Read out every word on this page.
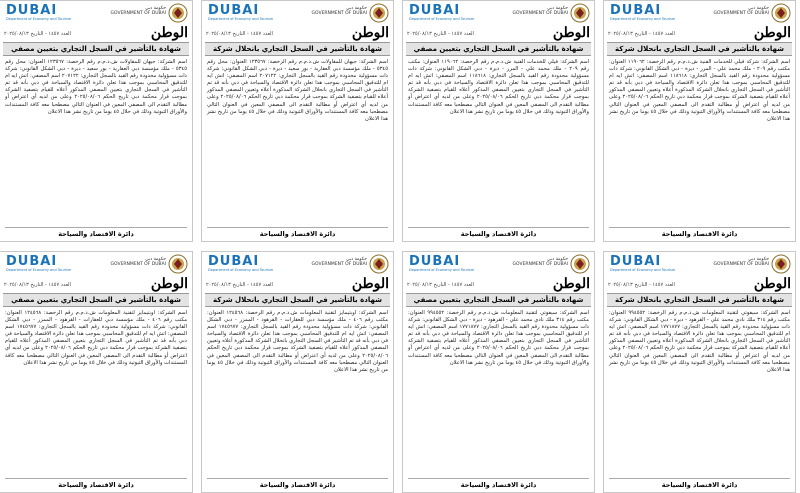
DUBAI
Department of Economy and Tourism
حكومة دبي
GOVERNMENT OF DUBAI
الوطن
العدد ١٤٥٧ - التاريخ ٢٠٢٥/٠٨/١٣
شهادة بالتأشير في السجل التجاري بتعيين مصفي

اسم الشركة: جيهان للمقاولات ش.ذ.م.م رقم الرخصة: ١٢٣٥٦٧ العنوان: محل رقم ٥٣٤٥ - ملك مؤسسة دبي العقارية - بور سعيد - ديرة - دبي الشكل القانوني: شركة ذات مسؤولية محدودة رقم القيد بالسجل التجاري: ٢٠٧١٢٢ اسم المصفي: اتش ايه ام للتدقيق المحاسبي بموجب هذا تعلن دائرة الاقتصاد والسياحة في دبي بأنه قد تم التأشير في السجل التجاري بتعيين المصفي المذكور أعلاه للقيام بتصفية الشركة بموجب قرار محكمة دبي تاريخ الحكم ٢٠٢٥/٠٨/٠٦ وعلى من لديه أي اعتراض أو مطالبة التقدم الى المصفي المعين في العنوان التالي مصطحبا معه كافة المستندات والأوراق الثبوتية وذلك في خلال ٤٥ يوما من تاريخ نشر هذا الاعلان

دائرة الاقتصاد والسياحة
DUBAI
Department of Economy and Tourism
حكومة دبي
GOVERNMENT OF DUBAI
الوطن
العدد ١٤٥٧ - التاريخ ٢٠٢٥/٠٨/١٣
شهادة بالتأشير في السجل التجاري بانحلال شركة

اسم الشركة: جيهان للمقاولات ش.ذ.م.م رقم الرخصة: ١٢٣٥٦٧ العنوان: محل رقم ٥٣٤٥ - ملك مؤسسة دبي العقارية - بور سعيد - ديرة - دبي الشكل القانوني: شركة ذات مسؤولية محدودة رقم القيد بالسجل التجاري: ٢٠٧١٢٢ اسم المصفي: اتش ايه ام للتدقيق المحاسبي بموجب هذا تعلن دائرة الاقتصاد والسياحة في دبي بأنه قد تم التأشير في السجل التجاري بانحلال الشركة المذكورة أعلاه وتعيين المصفي المذكور أعلاه للقيام بتصفية الشركة بموجب قرار محكمة دبي تاريخ الحكم ٢٠٢٥/٠٨/٠٦ وعلى من لديه أي اعتراض أو مطالبة التقدم الى المصفي المعين في العنوان التالي مصطحبا معه كافة المستندات والأوراق الثبوتية وذلك في خلال ٤٥ يوما من تاريخ نشر هذا الاعلان

دائرة الاقتصاد والسياحة
DUBAI
Department of Economy and Tourism
حكومة دبي
GOVERNMENT OF DUBAI
الوطن
العدد ١٤٥٧ - التاريخ ٢٠٢٥/٠٨/١٣
شهادة بالتأشير في السجل التجاري بتعيين مصفي

اسم الشركة: فيلي للخدمات الفنية ش.ذ.م.م رقم الرخصة: ١١٩٠٦٢ العنوان: مكتب رقم ٢٠٩ - ملك محمد علي - المرر - ديرة - دبي الشكل القانوني: شركة ذات مسؤولية محدودة رقم القيد بالسجل التجاري: ١١٨٦١٨ اسم المصفي: اتش ايه ام للتدقيق المحاسبي بموجب هذا تعلن دائرة الاقتصاد والسياحة في دبي بأنه قد تم التأشير في السجل التجاري بتعيين المصفي المذكور أعلاه للقيام بتصفية الشركة بموجب قرار محكمة دبي تاريخ الحكم ٢٠٢٥/٠٨/٠٦ وعلى من لديه أي اعتراض أو مطالبة التقدم الى المصفي المعين في العنوان التالي مصطحبا معه كافة المستندات والأوراق الثبوتية وذلك في خلال ٤٥ يوما من تاريخ نشر هذا الاعلان

دائرة الاقتصاد والسياحة
DUBAI
Department of Economy and Tourism
حكومة دبي
GOVERNMENT OF DUBAI
الوطن
العدد ١٤٥٧ - التاريخ ٢٠٢٥/٠٨/١٣
شهادة بالتأشير في السجل التجاري بانحلال شركة

اسم الشركة: شركة فيلي للخدمات الفنية ش.ذ.م.م رقم الرخصة: ١١٩٠٦٢ العنوان: مكتب رقم ٢٠٩ - ملك محمد علي - المرر - ديرة - دبي الشكل القانوني: شركة ذات مسؤولية محدودة رقم القيد بالسجل التجاري: ١١٨٦١٨ اسم المصفي: اتش ايه ام للتدقيق المحاسبي بموجب هذا تعلن دائرة الاقتصاد والسياحة في دبي بأنه قد تم التأشير في السجل التجاري بانحلال الشركة المذكورة أعلاه وتعيين المصفي المذكور أعلاه للقيام بتصفية الشركة بموجب قرار محكمة دبي تاريخ الحكم ٢٠٢٥/٠٨/٠٦ وعلى من لديه أي اعتراض أو مطالبة التقدم الى المصفي المعين في العنوان التالي مصطحبا معه كافة المستندات والأوراق الثبوتية وذلك في خلال ٤٥ يوما من تاريخ نشر هذا الاعلان

دائرة الاقتصاد والسياحة
DUBAI
Department of Economy and Tourism
حكومة دبي
GOVERNMENT OF DUBAI
الوطن
العدد ١٤٥٧ - التاريخ ٢٠٢٥/٠٨/١٣
شهادة بالتأشير في السجل التجاري بتعيين مصفي

اسم الشركة: اوبتيمايز لتقنية المعلومات ش.ذ.م.م رقم الرخصة: ١٢٤٥٦٨ العنوان: مكتب رقم ٤٠٦ - ملك مؤسسة دبي للعقارات - القرهود - الممزر - دبي الشكل القانوني: شركة ذات مسؤولية محدودة رقم القيد بالسجل التجاري: ١٧٤٥٦٧٧ اسم المصفي: اتش ايه ام للتدقيق المحاسبي بموجب هذا تعلن دائرة الاقتصاد والسياحة في دبي بأنه قد تم التأشير في السجل التجاري بتعيين المصفي المذكور أعلاه للقيام بتصفية الشركة بموجب قرار محكمة دبي تاريخ الحكم ٢٠٢٥/٠٨/٠٦ وعلى من لديه أي اعتراض أو مطالبة التقدم الى المصفي المعين في العنوان التالي مصطحبا معه كافة المستندات والأوراق الثبوتية وذلك في خلال ٤٥ يوما من تاريخ نشر هذا الاعلان

دائرة الاقتصاد والسياحة
DUBAI
Department of Economy and Tourism
حكومة دبي
GOVERNMENT OF DUBAI
الوطن
العدد ١٤٥٧ - التاريخ ٢٠٢٥/٠٨/١٣
شهادة بالتأشير في السجل التجاري بانحلال شركة

اسم الشركة: اوبتيمايز لتقنية المعلومات ش.ذ.م.م رقم الرخصة: ١٢٤٥٦٨ العنوان: مكتب رقم ٤٠٦ - ملك مؤسسة دبي للعقارات - القرهود - الممزر - دبي الشكل القانوني: شركة ذات مسؤولية محدودة رقم القيد بالسجل التجاري: ١٧٤٥٦٧٧ اسم المصفي: اتش ايه ام للتدقيق المحاسبي بموجب هذا تعلن دائرة الاقتصاد والسياحة في دبي بأنه قد تم التأشير في السجل التجاري بانحلال الشركة المذكورة أعلاه وتعيين المصفي المذكور أعلاه للقيام بتصفية الشركة بموجب قرار محكمة دبي تاريخ الحكم ٢٠٢٥/٠٨/٠٦ وعلى من لديه أي اعتراض أو مطالبة التقدم الى المصفي المعين في العنوان التالي مصطحبا معه كافة المستندات والأوراق الثبوتية وذلك في خلال ٤٥ يوما من تاريخ نشر هذا الاعلان

دائرة الاقتصاد والسياحة
DUBAI
Department of Economy and Tourism
حكومة دبي
GOVERNMENT OF DUBAI
الوطن
العدد ١٤٥٧ - التاريخ ٢٠٢٥/٠٨/١٣
شهادة بالتأشير في السجل التجاري بتعيين مصفي

اسم الشركة: سيفوتي لتقنية المعلومات ش.ذ.م.م رقم الرخصة: ٩٩٤٥٥٢ العنوان: مكتب رقم ٣١٤ ملك نادي محمد علي - القرهود - ديرة - دبي الشكل القانوني: شركة ذات مسؤولية محدودة رقم القيد بالسجل التجاري: ١٧٧١٨٧٧ اسم المصفي: اتش ايه ام للتدقيق المحاسبي بموجب هذا تعلن دائرة الاقتصاد والسياحة في دبي بأنه قد تم التأشير في السجل التجاري بتعيين المصفي المذكور أعلاه للقيام بتصفية الشركة بموجب قرار محكمة دبي تاريخ الحكم ٢٠٢٥/٠٨/٠٦ وعلى من لديه أي اعتراض أو مطالبة التقدم الى المصفي المعين في العنوان التالي مصطحبا معه كافة المستندات والأوراق الثبوتية وذلك في خلال ٤٥ يوما من تاريخ نشر هذا الاعلان

دائرة الاقتصاد والسياحة
DUBAI
Department of Economy and Tourism
حكومة دبي
GOVERNMENT OF DUBAI
الوطن
العدد ١٤٥٧ - التاريخ ٢٠٢٥/٠٨/١٣
شهادة بالتأشير في السجل التجاري بانحلال شركة

اسم الشركة: سيفوتي لتقنية المعلومات ش.ذ.م.م رقم الرخصة: ٩٩٤٥٥٢ العنوان: مكتب رقم ٣١٤ ملك نادي محمد علي - القرهود - ديرة - دبي الشكل القانوني: شركة ذات مسؤولية محدودة رقم القيد بالسجل التجاري: ١٧٧١٨٧٧ اسم المصفي: اتش ايه ام للتدقيق المحاسبي بموجب هذا تعلن دائرة الاقتصاد والسياحة في دبي بأنه قد تم التأشير في السجل التجاري بانحلال الشركة المذكورة أعلاه وتعيين المصفي المذكور أعلاه للقيام بتصفية الشركة بموجب قرار محكمة دبي تاريخ الحكم ٢٠٢٥/٠٨/٠٦ وعلى من لديه أي اعتراض أو مطالبة التقدم الى المصفي المعين في العنوان التالي مصطحبا معه كافة المستندات والأوراق الثبوتية وذلك في خلال ٤٥ يوما من تاريخ نشر هذا الاعلان

دائرة الاقتصاد والسياحة
